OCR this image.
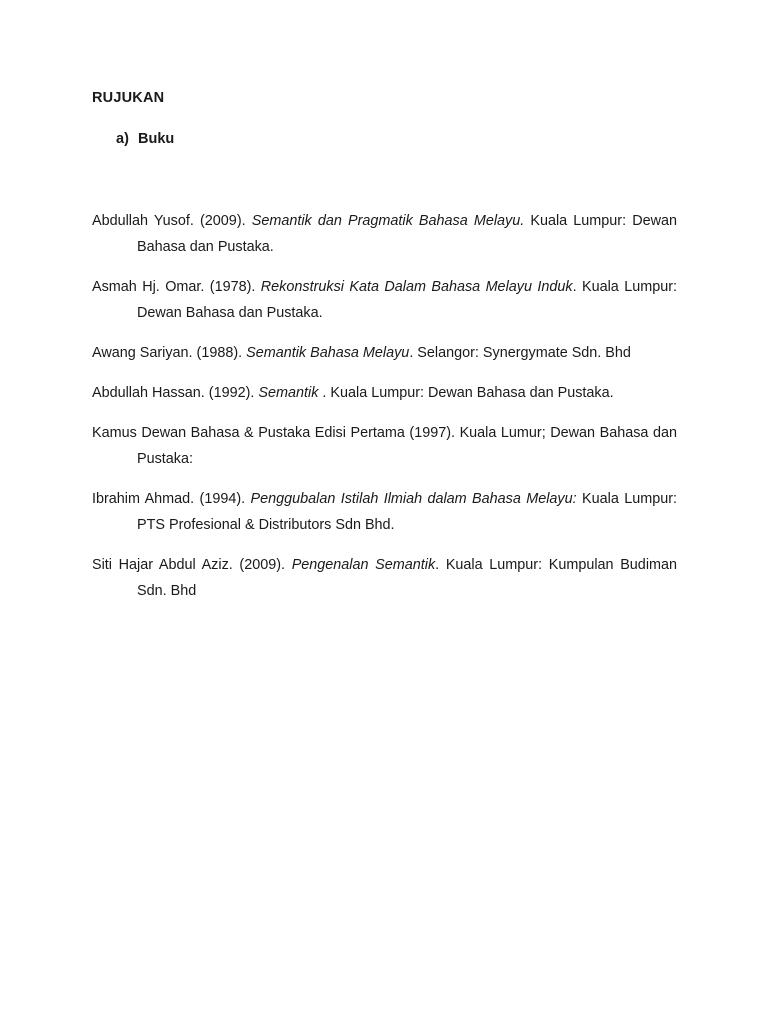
RUJUKAN
a) Buku

Abdullah Yusof. (2009). Semantik dan Pragmatik Bahasa Melayu. Kuala Lumpur: Dewan Bahasa dan Pustaka.

Asmah Hj. Omar. (1978). Rekonstruksi Kata Dalam Bahasa Melayu Induk. Kuala Lumpur: Dewan Bahasa dan Pustaka.

Awang Sariyan. (1988). Semantik Bahasa Melayu. Selangor: Synergymate Sdn. Bhd

Abdullah Hassan. (1992). Semantik . Kuala Lumpur: Dewan Bahasa dan Pustaka.

Kamus Dewan Bahasa & Pustaka Edisi Pertama (1997). Kuala Lumur; Dewan Bahasa dan Pustaka:

Ibrahim Ahmad. (1994). Penggubalan Istilah Ilmiah dalam Bahasa Melayu: Kuala Lumpur: PTS Profesional & Distributors Sdn Bhd.

Siti Hajar Abdul Aziz. (2009). Pengenalan Semantik. Kuala Lumpur: Kumpulan Budiman Sdn. Bhd
